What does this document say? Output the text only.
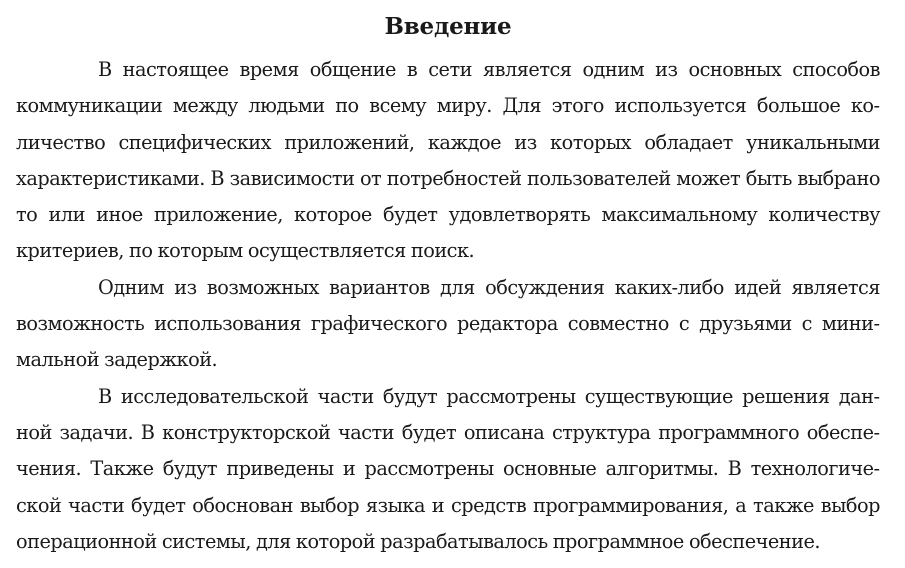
Введение

В настоящее время общение в сети является одним из основных способов коммуникации между людьми по всему миру. Для этого используется большое количество специфических приложений, каждое из которых обладает уникальными характеристиками. В зависимости от потребностей пользователей может быть выбрано то или иное приложение, которое будет удовлетворять максимальному количеству критериев, по которым осуществляется поиск.

Одним из возможных вариантов для обсуждения каких-либо идей является возможность использования графического редактора совместно с друзьями с минимальной задержкой.

В исследовательской части будут рассмотрены существующие решения данной задачи. В конструкторской части будет описана структура программного обеспечения. Также будут приведены и рассмотрены основные алгоритмы. В технологической части будет обоснован выбор языка и средств программирования, а также выбор операционной системы, для которой разрабатывалось программное обеспечение.
